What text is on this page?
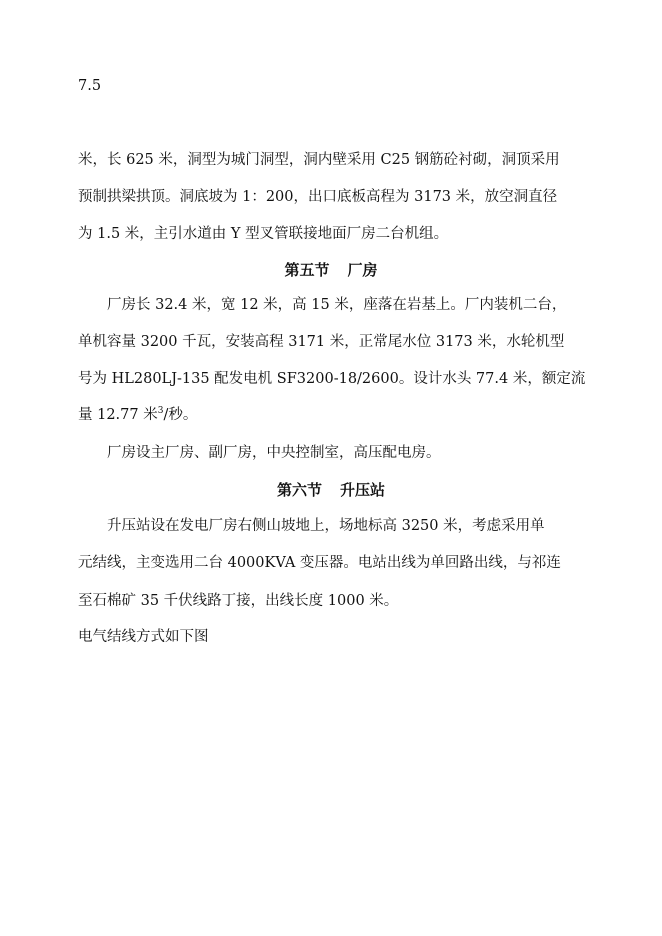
7.5
米，长 625 米，洞型为城门洞型，洞内壁采用 C25 钢筋砼衬砌，洞顶采用
预制拱梁拱顶。洞底坡为 1：200，出口底板高程为 3173 米，放空洞直径
为 1.5 米，主引水道由 Y 型叉管联接地面厂房二台机组。
第五节 厂房
厂房长 32.4 米，宽 12 米，高 15 米，座落在岩基上。厂内装机二台，
单机容量 3200 千瓦，安装高程 3171 米，正常尾水位 3173 米，水轮机型
号为 HL280LJ-135 配发电机 SF3200-18/2600。设计水头 77.4 米，额定流
量 12.77 米$^3$/秒。
厂房设主厂房、副厂房，中央控制室，高压配电房。
第六节 升压站
升压站设在发电厂房右侧山坡地上，场地标高 3250 米，考虑采用单
元结线，主变选用二台 4000KVA 变压器。电站出线为单回路出线，与祁连
至石棉矿 35 千伏线路丁接，出线长度 1000 米。
电气结线方式如下图
